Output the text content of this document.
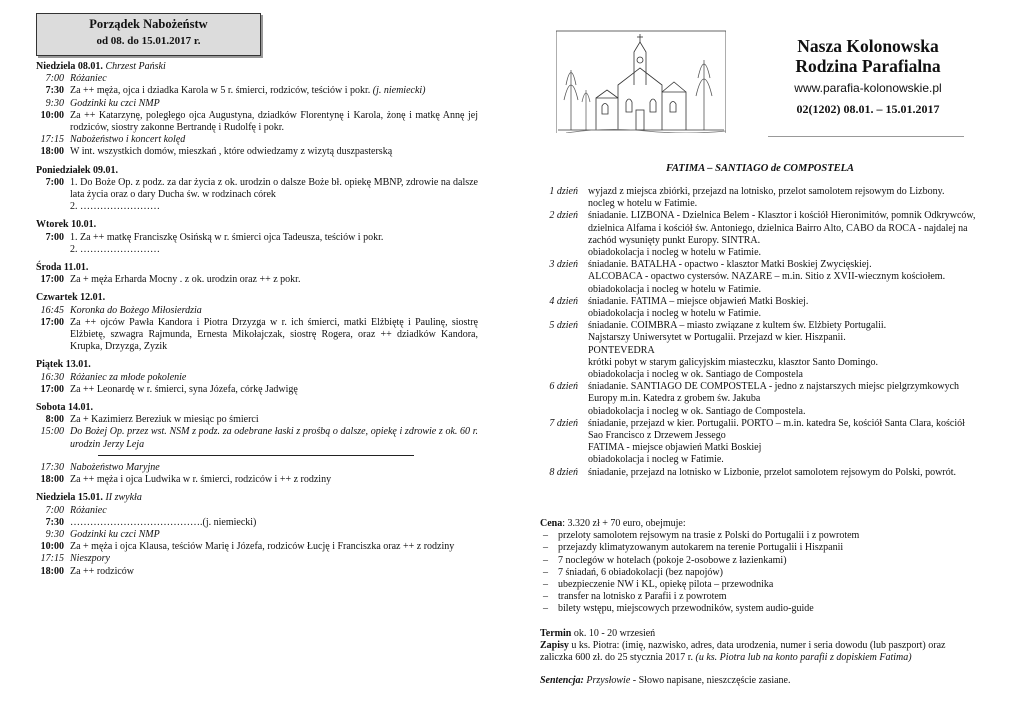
Porządek Nabożeństw
od 08. do 15.01.2017 r.
Niedziela 08.01. Chrzest Pański
7:00 Różaniec
7:30 Za ++ męża, ojca i dziadka Karola w 5 r. śmierci, rodziców, teściów i pokr. (j. niemiecki)
9:30 Godzinki ku czci NMP
10:00 Za ++ Katarzynę, poległego ojca Augustyna, dziadków Florentynę i Karola, żonę i matkę Annę jej rodziców, siostry zakonne Bertrandę i Rudolfę i pokr.
17:15 Nabożeństwo i koncert kolęd
18:00 W int. wszystkich domów, mieszkań , które odwiedzamy z wizytą duszpasterską
Poniedziałek 09.01.
7:00 1. Do Boże Op. z podz. za dar życia z ok. urodzin o dalsze Boże bł. opiekę MBNP, zdrowie na dalsze lata życia oraz o dary Ducha św. w rodzinach córek
2. ……………………
Wtorek 10.01.
7:00 1. Za ++ matkę Franciszkę Osińską w r. śmierci ojca Tadeusza, teściów i pokr.
2. ……………………
Środa 11.01.
17:00 Za + męża Erharda Mocny . z ok. urodzin oraz ++ z pokr.
Czwartek 12.01.
16:45 Koronka do Bożego Miłosierdzia
17:00 Za ++ ojców Pawła Kandora i Piotra Drzyzga w r. ich śmierci, matki Elżbiętę i Paulinę, siostrę Elżbietę, szwagra Rajmunda, Ernesta Mikołajczak, siostrę Rogera, oraz ++ dziadków Kandora, Krupka, Drzyzga, Zyzik
Piątek 13.01.
16:30 Różaniec za młode pokolenie
17:00 Za ++ Leonardę w r. śmierci, syna Józefa, córkę Jadwigę
Sobota 14.01.
8:00 Za + Kazimierz Bereziuk w miesiąc po śmierci
15:00 Do Bożej Op. przez wst. NSM z podz. za odebrane łaski z prośbą o dalsze, opiekę i zdrowie z ok. 60 r. urodzin Jerzy Leja
17:30 Nabożeństwo Maryjne
18:00 Za ++ męża i ojca Ludwika w r. śmierci, rodziców i ++ z rodziny
Niedziela 15.01. II zwykła
7:00 Różaniec
7:30 ………………………………….(j. niemiecki)
9:30 Godzinki ku czci NMP
10:00 Za + męża i ojca Klausa, teściów Marię i Józefa, rodziców Łucję i Franciszka oraz ++ z rodziny
17:15 Nieszpory
18:00 Za ++ rodziców
Nasza Kolonowska
Rodzina Parafialna
www.parafia-kolonowskie.pl
02(1202) 08.01. – 15.01.2017
FATIMA – SANTIAGO de COMPOSTELA
1 dzień	wyjazd z miejsca zbiórki, przejazd na lotnisko, przelot samolotem rejsowym do Lizbony.
nocleg w hotelu w Fatimie.
2 dzień	śniadanie. LIZBONA - Dzielnica Belem - Klasztor i kościół Hieronimitów, pomnik Odkrywców, dzielnica Alfama i kościół św. Antoniego, dzielnica Bairro Alto, CABO da ROCA - najdalej na zachód wysunięty punkt Europy. SINTRA.
obiadokolacja i nocleg w hotelu w Fatimie.
3 dzień	śniadanie. BATALHA - opactwo - klasztor Matki Boskiej Zwycięskiej.
ALCOBACA - opactwo cystersów. NAZARE – m.in. Sitio z XVII-wiecznym kościołem.
obiadokolacja i nocleg w hotelu w Fatimie.
4 dzień	śniadanie. FATIMA – miejsce objawień Matki Boskiej.
obiadokolacja i nocleg w hotelu w Fatimie.
5 dzień	śniadanie. COIMBRA – miasto związane z kultem św. Elżbiety Portugalii.
Najstarszy Uniwersytet w Portugalii. Przejazd w kier. Hiszpanii.
PONTEVEDRA
krótki pobyt w starym galicyjskim miasteczku, klasztor Santo Domingo.
obiadokolacja i nocleg w ok. Santiago de Compostela
6 dzień	śniadanie. SANTIAGO DE COMPOSTELA - jedno z najstarszych miejsc pielgrzymkowych Europy m.in. Katedra z grobem św. Jakuba
obiadokolacja i nocleg w ok. Santiago de Compostela.
7 dzień	śniadanie, przejazd w kier. Portugalii. PORTO – m.in. katedra Se, kościół Santa Clara, kościół Sao Francisco z Drzewem Jessego
FATIMA - miejsce objawień Matki Boskiej
obiadokolacja i nocleg w Fatimie.
8 dzień	śniadanie, przejazd na lotnisko w Lizbonie, przelot samolotem rejsowym do Polski, powrót.
Cena: 3.320 zł + 70 euro, obejmuje:
–	przeloty samolotem rejsowym na trasie z Polski do Portugalii i z powrotem
–	przejazdy klimatyzowanym autokarem na terenie Portugalii i Hiszpanii
–	7 noclegów w hotelach (pokoje 2-osobowe z łazienkami)
–	7 śniadań, 6 obiadokolacji (bez napojów)
–	ubezpieczenie NW i KL, opiekę pilota – przewodnika
–	transfer na lotnisko z Parafii i z powrotem
–	bilety wstępu, miejscowych przewodników, system audio-guide
Termin ok. 10 - 20 wrzesień
Zapisy u ks. Piotra: (imię, nazwisko, adres, data urodzenia, numer i seria dowodu (lub paszport) oraz zaliczka 600 zł. do 25 stycznia 2017 r. (u ks. Piotra lub na konto parafii z dopiskiem Fatima)
Sentencja: Przysłowie - Słowo napisane, nieszczęście zasiane.
